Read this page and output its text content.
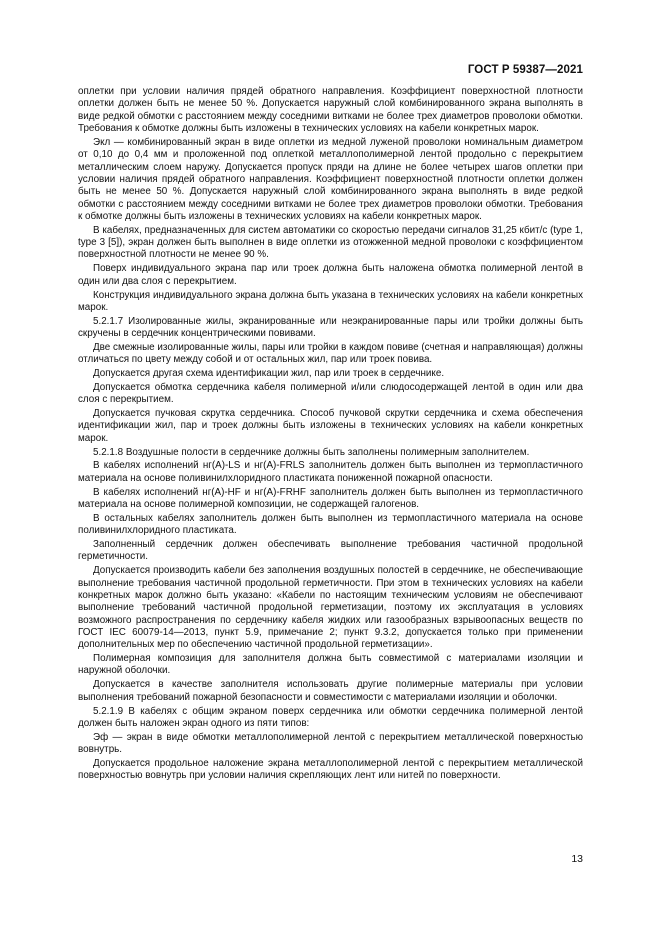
ГОСТ Р 59387—2021

оплетки при условии наличия прядей обратного направления. Коэффициент поверхностной плотности оплетки должен быть не менее 50 %. Допускается наружный слой комбинированного экрана выполнять в виде редкой обмотки с расстоянием между соседними витками не более трех диаметров проволоки обмотки. Требования к обмотке должны быть изложены в технических условиях на кабели конкретных марок.

Экл — комбинированный экран в виде оплетки из медной луженой проволоки номинальным диаметром от 0,10 до 0,4 мм и проложенной под оплеткой металлополимерной лентой продольно с перекрытием металлическим слоем наружу. Допускается пропуск пряди на длине не более четырех шагов оплетки при условии наличия прядей обратного направления. Коэффициент поверхностной плотности оплетки должен быть не менее 50 %. Допускается наружный слой комбинированного экрана выполнять в виде редкой обмотки с расстоянием между соседними витками не более трех диаметров проволоки обмотки. Требования к обмотке должны быть изложены в технических условиях на кабели конкретных марок.

В кабелях, предназначенных для систем автоматики со скоростью передачи сигналов 31,25 кбит/с (type 1, type 3 [5]), экран должен быть выполнен в виде оплетки из отожженной медной проволоки с коэффициентом поверхностной плотности не менее 90 %.

Поверх индивидуального экрана пар или троек должна быть наложена обмотка полимерной лентой в один или два слоя с перекрытием.

Конструкция индивидуального экрана должна быть указана в технических условиях на кабели конкретных марок.

5.2.1.7 Изолированные жилы, экранированные или неэкранированные пары или тройки должны быть скручены в сердечник концентрическими повивами.

Две смежные изолированные жилы, пары или тройки в каждом повиве (счетная и направляющая) должны отличаться по цвету между собой и от остальных жил, пар или троек повива.

Допускается другая схема идентификации жил, пар или троек в сердечнике.

Допускается обмотка сердечника кабеля полимерной и/или слюдосодержащей лентой в один или два слоя с перекрытием.

Допускается пучковая скрутка сердечника. Способ пучковой скрутки сердечника и схема обеспечения идентификации жил, пар и троек должны быть изложены в технических условиях на кабели конкретных марок.

5.2.1.8 Воздушные полости в сердечнике должны быть заполнены полимерным заполнителем.

В кабелях исполнений нг(А)-LS и нг(А)-FRLS заполнитель должен быть выполнен из термопластичного материала на основе поливинилхлоридного пластиката пониженной пожарной опасности.

В кабелях исполнений нг(А)-HF и нг(А)-FRHF заполнитель должен быть выполнен из термопластичного материала на основе полимерной композиции, не содержащей галогенов.

В остальных кабелях заполнитель должен быть выполнен из термопластичного материала на основе поливинилхлоридного пластиката.

Заполненный сердечник должен обеспечивать выполнение требования частичной продольной герметичности.

Допускается производить кабели без заполнения воздушных полостей в сердечнике, не обеспечивающие выполнение требования частичной продольной герметичности. При этом в технических условиях на кабели конкретных марок должно быть указано: «Кабели по настоящим техническим условиям не обеспечивают выполнение требований частичной продольной герметизации, поэтому их эксплуатация в условиях возможного распространения по сердечнику кабеля жидких или газообразных взрывоопасных веществ по ГОСТ IEC 60079-14—2013, пункт 5.9, примечание 2; пункт 9.3.2, допускается только при применении дополнительных мер по обеспечению частичной продольной герметизации».

Полимерная композиция для заполнителя должна быть совместимой с материалами изоляции и наружной оболочки.

Допускается в качестве заполнителя использовать другие полимерные материалы при условии выполнения требований пожарной безопасности и совместимости с материалами изоляции и оболочки.

5.2.1.9 В кабелях с общим экраном поверх сердечника или обмотки сердечника полимерной лентой должен быть наложен экран одного из пяти типов:

Эф — экран в виде обмотки металлополимерной лентой с перекрытием металлической поверхностью вовнутрь.

Допускается продольное наложение экрана металлополимерной лентой с перекрытием металлической поверхностью вовнутрь при условии наличия скрепляющих лент или нитей по поверхности.

13
